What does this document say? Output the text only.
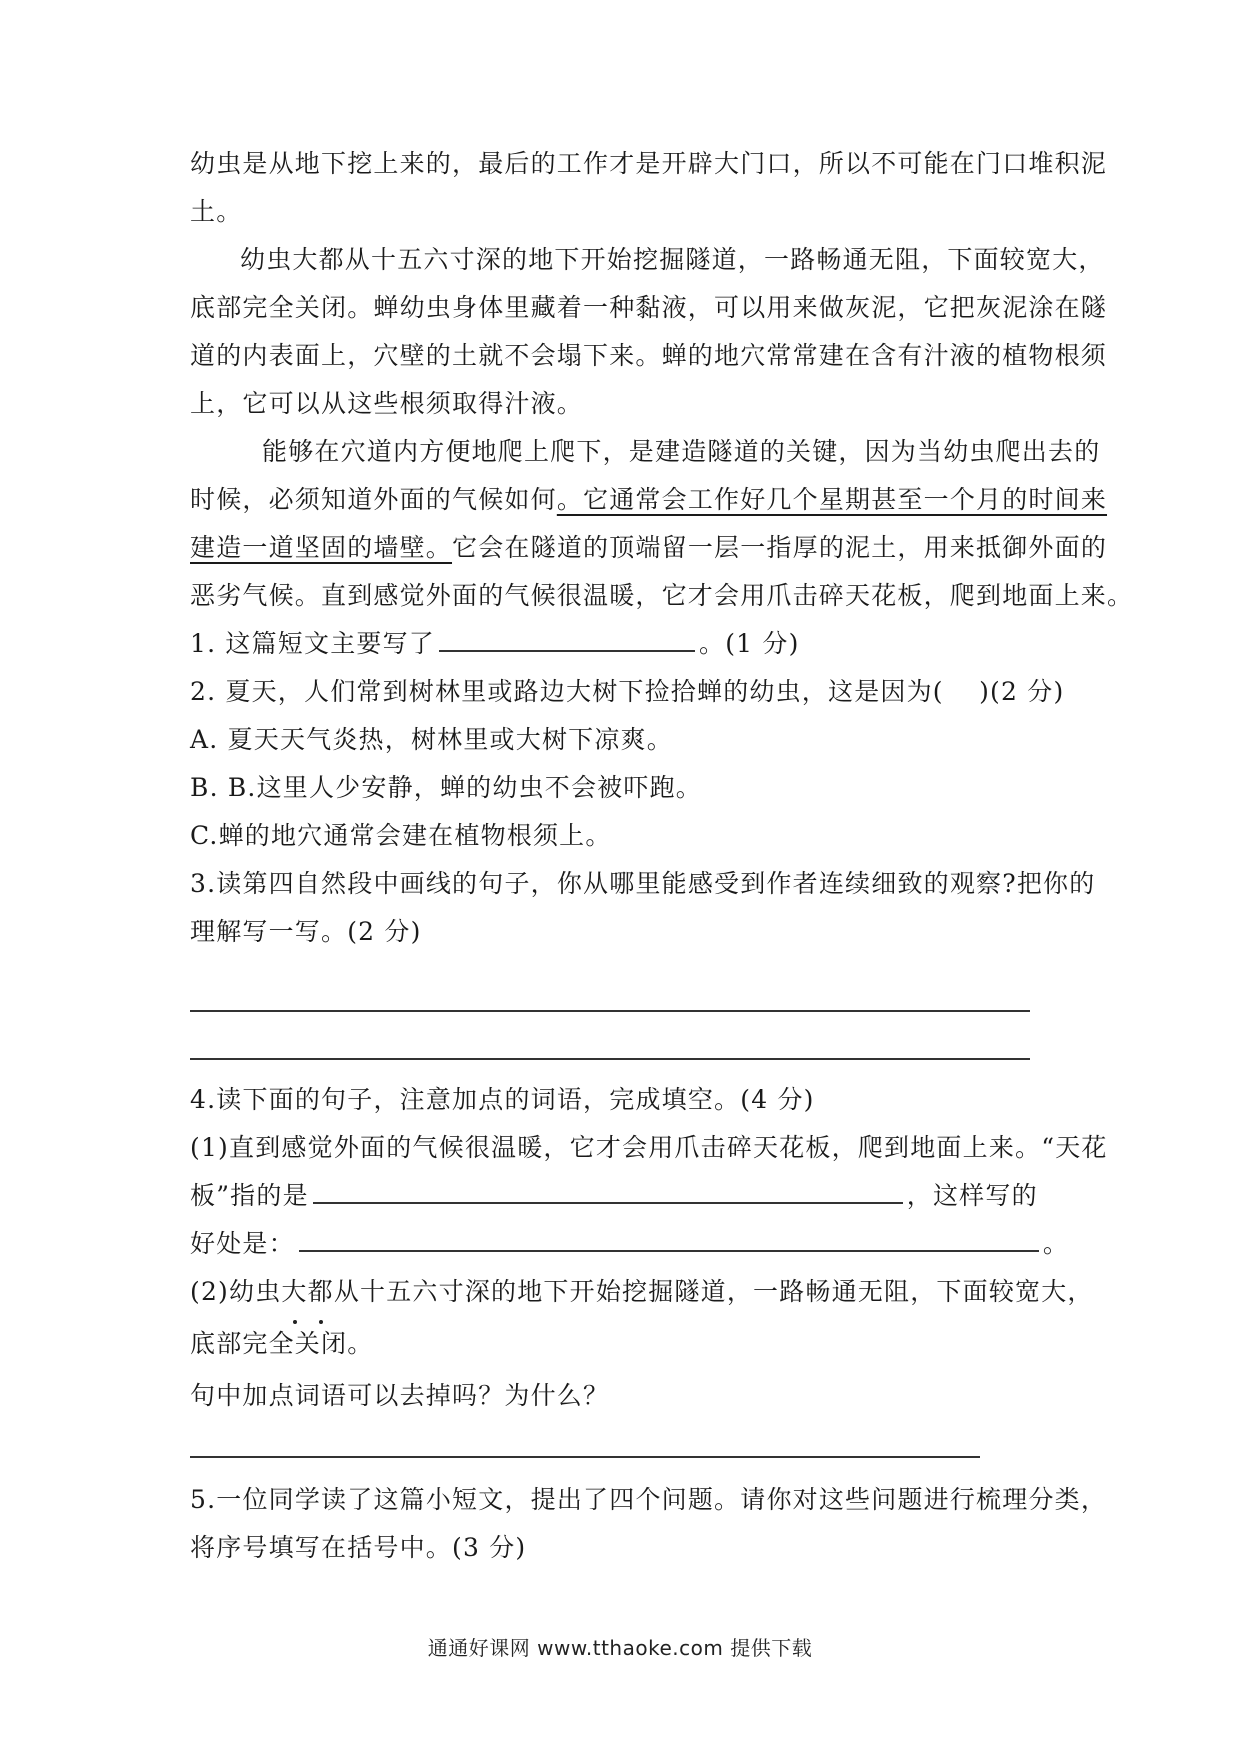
幼虫是从地下挖上来的，最后的工作才是开辟大门口，所以不可能在门口堆积泥
土。
幼虫大都从十五六寸深的地下开始挖掘隧道，一路畅通无阻，下面较宽大，
底部完全关闭。蝉幼虫身体里藏着一种黏液，可以用来做灰泥，它把灰泥涂在隧
道的内表面上，穴壁的土就不会塌下来。蝉的地穴常常建在含有汁液的植物根须
上，它可以从这些根须取得汁液。
能够在穴道内方便地爬上爬下，是建造隧道的关键，因为当幼虫爬出去的
时候，必须知道外面的气候如何。它通常会工作好几个星期甚至一个月的时间来
建造一道坚固的墙壁。它会在隧道的顶端留一层一指厚的泥土，用来抵御外面的
恶劣气候。直到感觉外面的气候很温暖，它才会用爪击碎天花板，爬到地面上来。
1. 这篇短文主要写了	。(1 分)
2. 夏天，人们常到树林里或路边大树下捡拾蝉的幼虫，这是因为(　 )(2 分)
A. 夏天天气炎热，树林里或大树下凉爽。
B. B.这里人少安静，蝉的幼虫不会被吓跑。
C.蝉的地穴通常会建在植物根须上。
3.读第四自然段中画线的句子，你从哪里能感受到作者连续细致的观察?把你的
理解写一写。(2 分)
4.读下面的句子，注意加点的词语，完成填空。(4 分)
(1)直到感觉外面的气候很温暖，它才会用爪击碎天花板，爬到地面上来。“天花
板”指的是	，这样写的
好处是：	。
(2)幼虫大都从十五六寸深的地下开始挖掘隧道，一路畅通无阻，下面较宽大，
底部完全关闭。
句中加点词语可以去掉吗？为什么？
5.一位同学读了这篇小短文，提出了四个问题。请你对这些问题进行梳理分类，
将序号填写在括号中。(3 分)
通通好课网 www.tthaoke.com 提供下载
